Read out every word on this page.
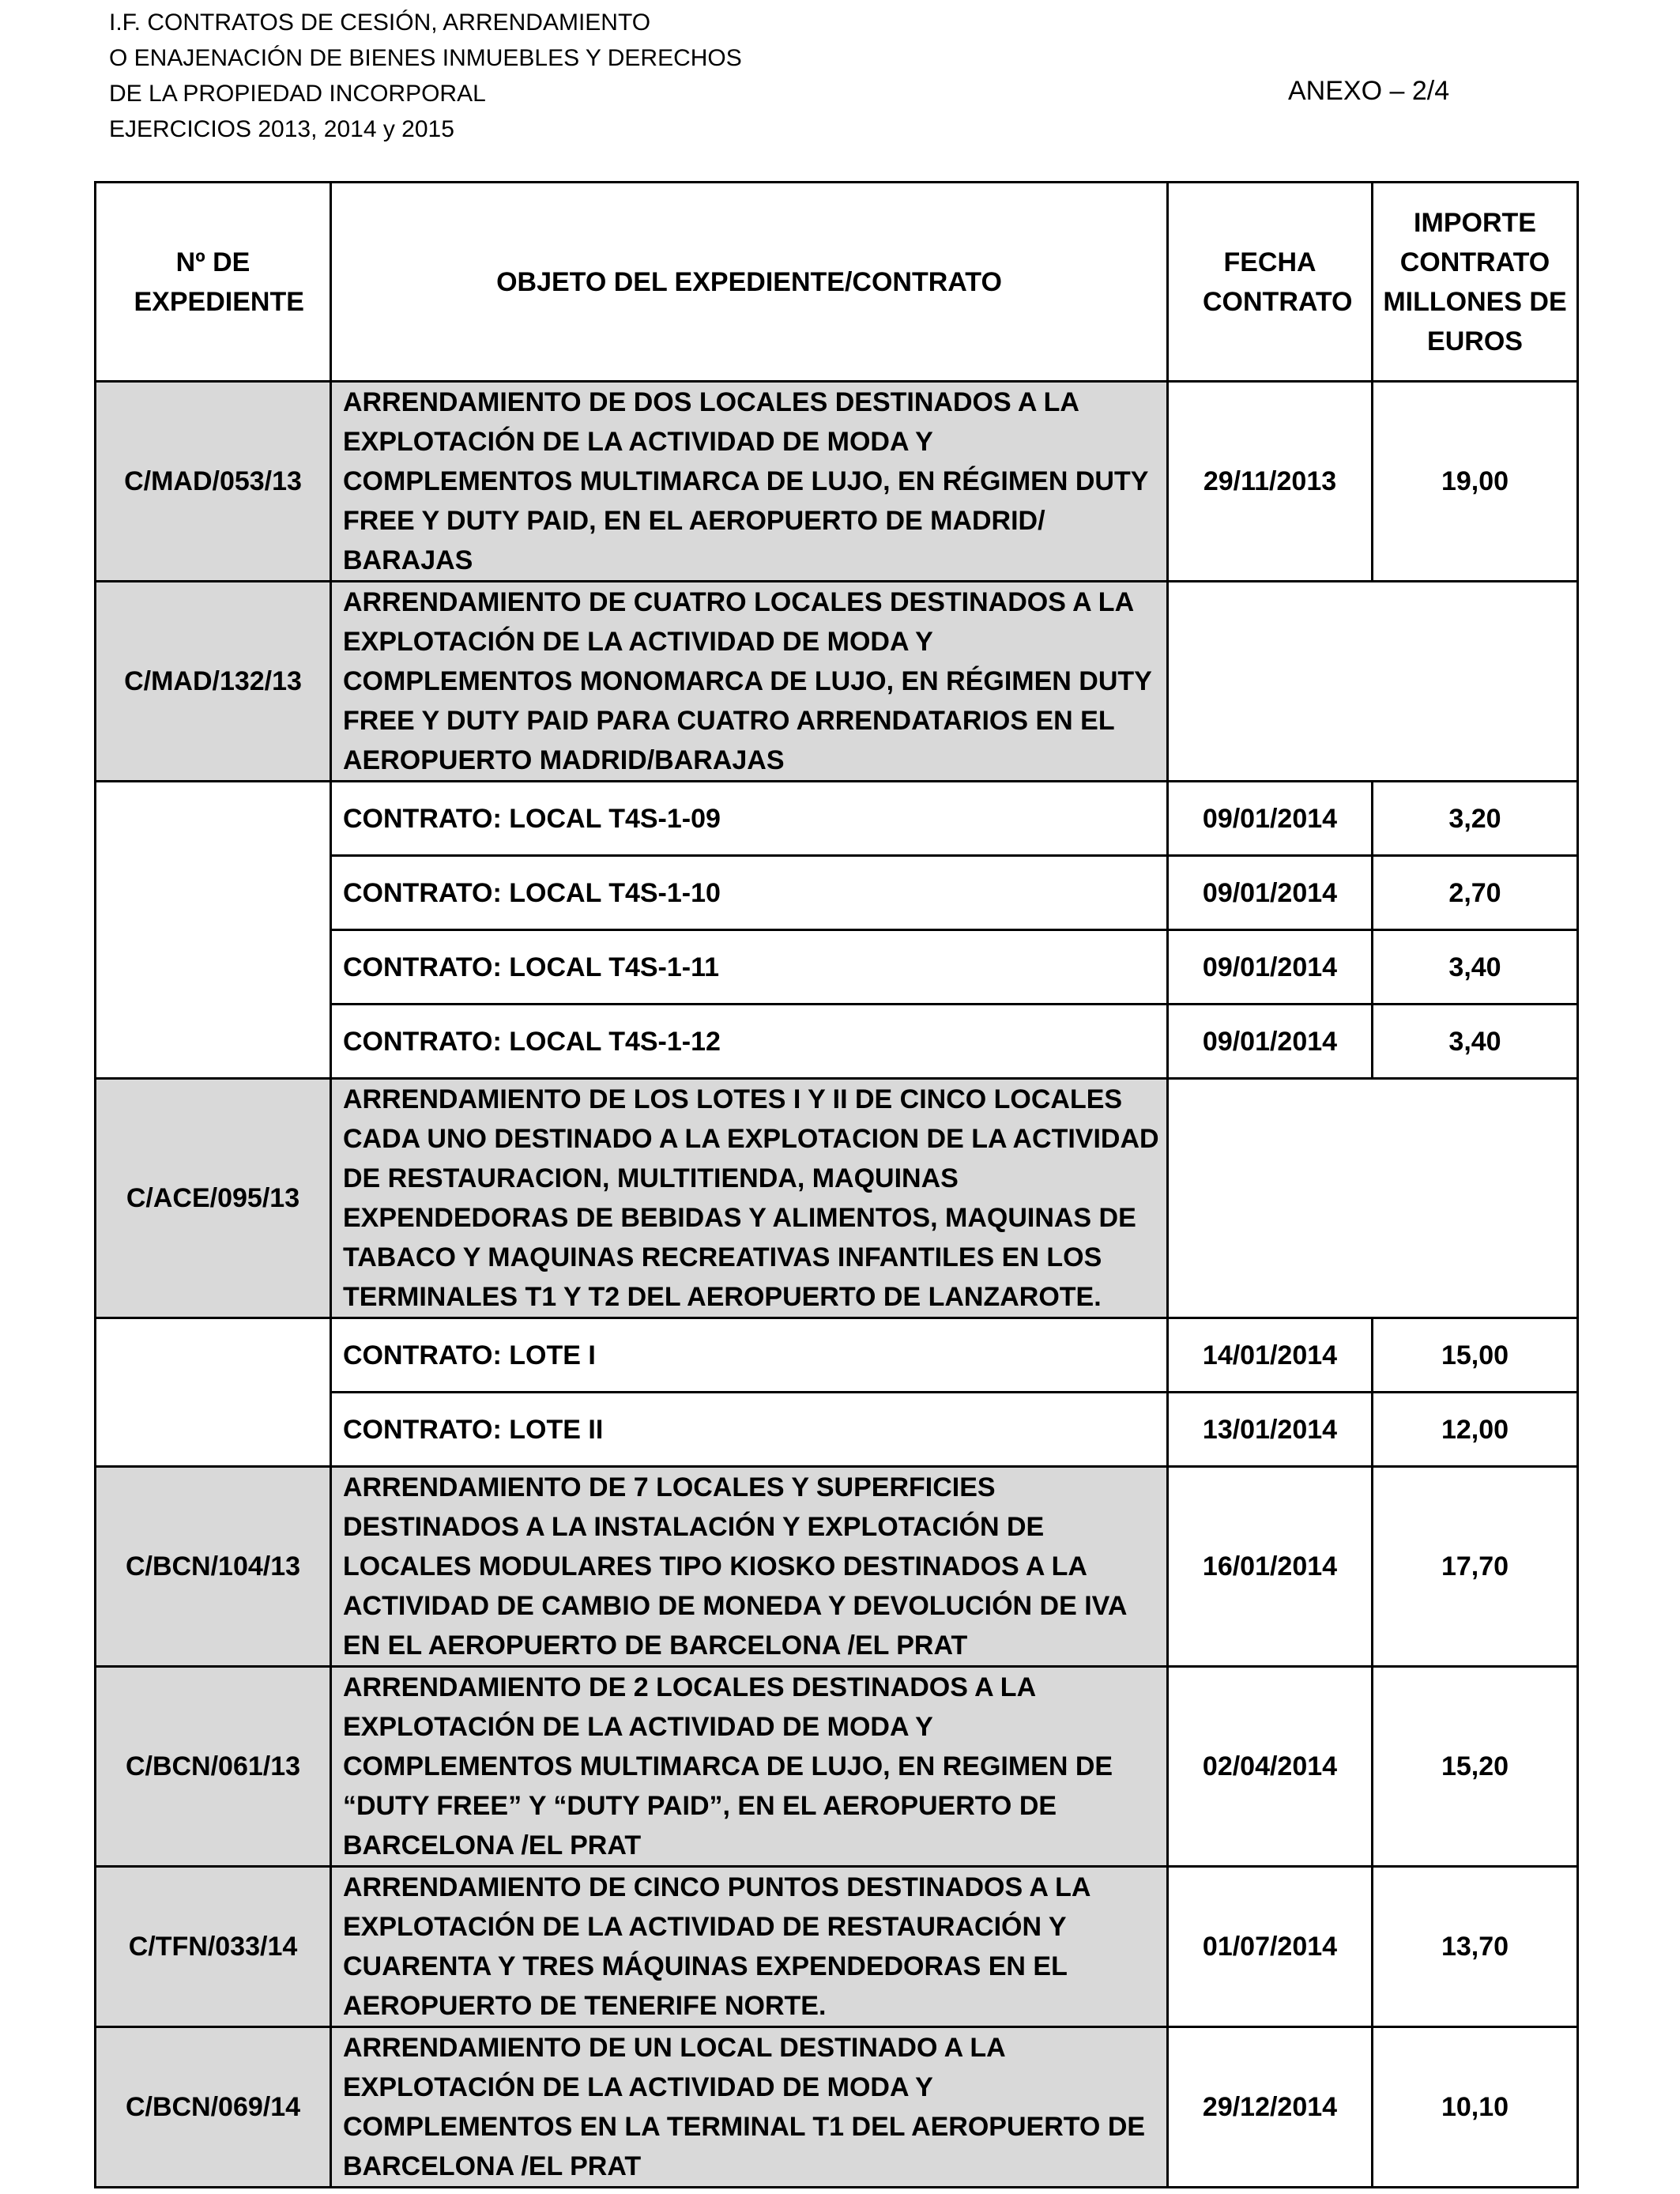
I.F. CONTRATOS DE CESIÓN, ARRENDAMIENTO
O ENAJENACIÓN DE BIENES INMUEBLES Y DERECHOS
DE LA PROPIEDAD INCORPORAL
EJERCICIOS 2013, 2014 y 2015
ANEXO – 2/4
Nº DE EXPEDIENTE	OBJETO DEL EXPEDIENTE/CONTRATO	FECHA CONTRATO	IMPORTE CONTRATO MILLONES DE EUROS
C/MAD/053/13	ARRENDAMIENTO DE DOS LOCALES DESTINADOS A LA EXPLOTACIÓN DE LA ACTIVIDAD DE MODA Y COMPLEMENTOS MULTIMARCA DE LUJO, EN RÉGIMEN DUTY FREE Y DUTY PAID, EN EL AEROPUERTO DE MADRID/ BARAJAS	29/11/2013	19,00
C/MAD/132/13	ARRENDAMIENTO DE CUATRO LOCALES DESTINADOS A LA EXPLOTACIÓN DE LA ACTIVIDAD DE MODA Y COMPLEMENTOS MONOMARCA DE LUJO, EN RÉGIMEN DUTY FREE Y DUTY PAID PARA CUATRO ARRENDATARIOS EN EL AEROPUERTO MADRID/BARAJAS		
	CONTRATO: LOCAL T4S-1-09	09/01/2014	3,20
	CONTRATO: LOCAL T4S-1-10	09/01/2014	2,70
	CONTRATO: LOCAL T4S-1-11	09/01/2014	3,40
	CONTRATO: LOCAL T4S-1-12	09/01/2014	3,40
C/ACE/095/13	ARRENDAMIENTO DE LOS LOTES I Y II DE CINCO LOCALES CADA UNO DESTINADO A LA EXPLOTACION DE LA ACTIVIDAD DE RESTAURACION, MULTITIENDA, MAQUINAS EXPENDEDORAS DE BEBIDAS Y ALIMENTOS, MAQUINAS DE TABACO Y MAQUINAS RECREATIVAS INFANTILES EN LOS TERMINALES T1 Y T2 DEL AEROPUERTO DE LANZAROTE.		
	CONTRATO: LOTE I	14/01/2014	15,00
	CONTRATO: LOTE II	13/01/2014	12,00
C/BCN/104/13	ARRENDAMIENTO DE 7 LOCALES Y SUPERFICIES DESTINADOS A LA INSTALACIÓN Y EXPLOTACIÓN DE LOCALES MODULARES TIPO KIOSKO DESTINADOS A LA ACTIVIDAD DE CAMBIO DE MONEDA Y DEVOLUCIÓN DE IVA EN EL AEROPUERTO DE BARCELONA /EL PRAT	16/01/2014	17,70
C/BCN/061/13	ARRENDAMIENTO DE 2 LOCALES DESTINADOS A LA EXPLOTACIÓN DE LA ACTIVIDAD DE MODA Y COMPLEMENTOS MULTIMARCA DE LUJO, EN REGIMEN DE “DUTY FREE” Y “DUTY PAID”, EN EL AEROPUERTO DE BARCELONA /EL PRAT	02/04/2014	15,20
C/TFN/033/14	ARRENDAMIENTO DE CINCO PUNTOS DESTINADOS A LA EXPLOTACIÓN DE LA ACTIVIDAD DE RESTAURACIÓN Y CUARENTA Y TRES MÁQUINAS EXPENDEDORAS EN EL AEROPUERTO DE TENERIFE NORTE.	01/07/2014	13,70
C/BCN/069/14	ARRENDAMIENTO DE UN LOCAL DESTINADO A LA EXPLOTACIÓN DE LA ACTIVIDAD DE MODA Y COMPLEMENTOS EN LA TERMINAL T1 DEL AEROPUERTO DE BARCELONA /EL PRAT	29/12/2014	10,10
